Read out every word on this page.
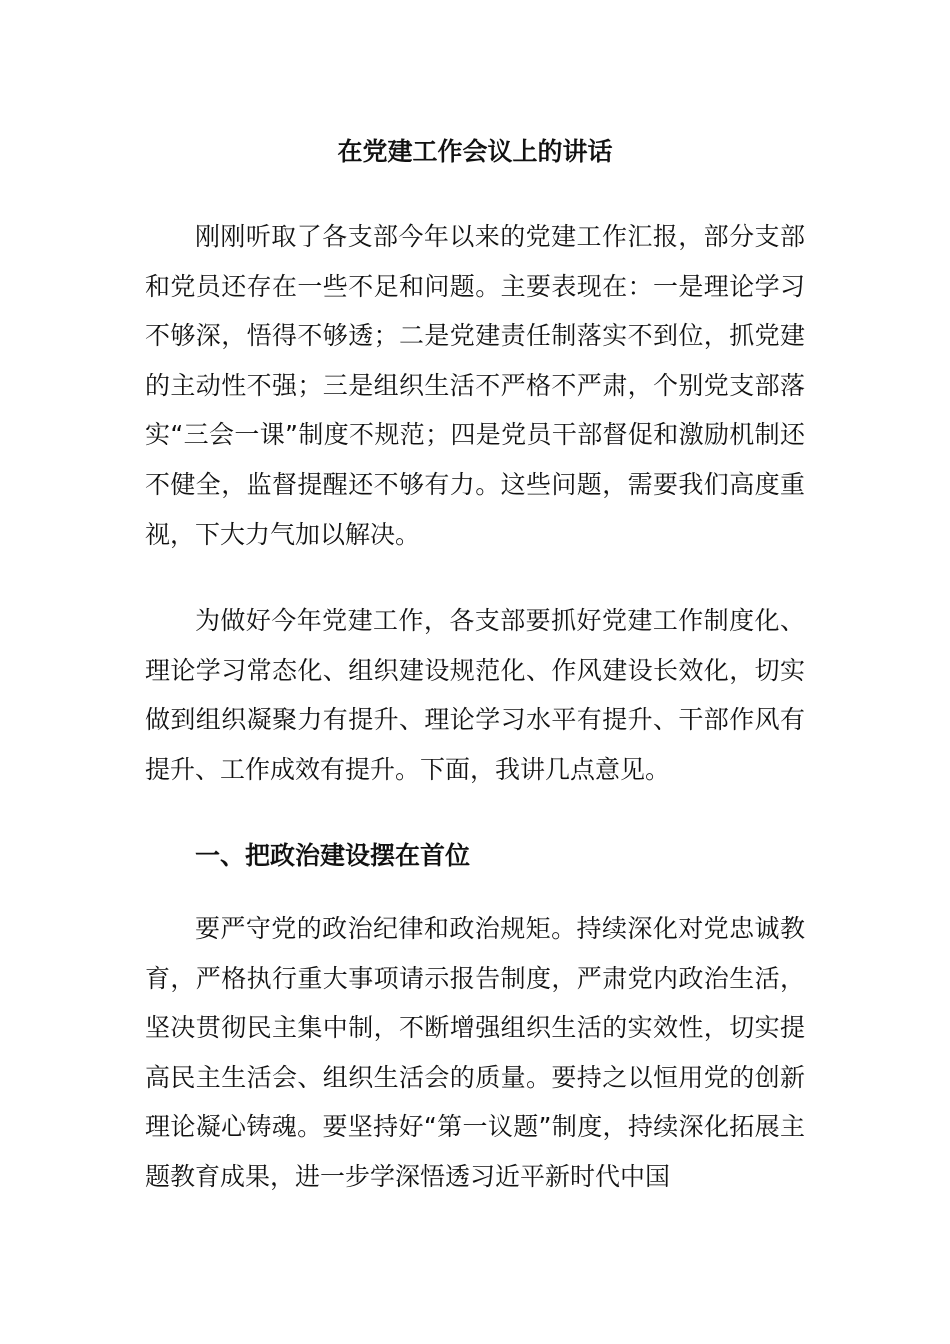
在党建工作会议上的讲话

刚刚听取了各支部今年以来的党建工作汇报，部分支部和党员还存在一些不足和问题。主要表现在：一是理论学习不够深，悟得不够透；二是党建责任制落实不到位，抓党建的主动性不强；三是组织生活不严格不严肃，个别党支部落实“三会一课”制度不规范；四是党员干部督促和激励机制还不健全，监督提醒还不够有力。这些问题，需要我们高度重视，下大力气加以解决。

为做好今年党建工作，各支部要抓好党建工作制度化、理论学习常态化、组织建设规范化、作风建设长效化，切实做到组织凝聚力有提升、理论学习水平有提升、干部作风有提升、工作成效有提升。下面，我讲几点意见。

一、把政治建设摆在首位

要严守党的政治纪律和政治规矩。持续深化对党忠诚教育，严格执行重大事项请示报告制度，严肃党内政治生活，坚决贯彻民主集中制，不断增强组织生活的实效性，切实提高民主生活会、组织生活会的质量。要持之以恒用党的创新理论凝心铸魂。要坚持好“第一议题”制度，持续深化拓展主题教育成果，进一步学深悟透习近平新时代中国
